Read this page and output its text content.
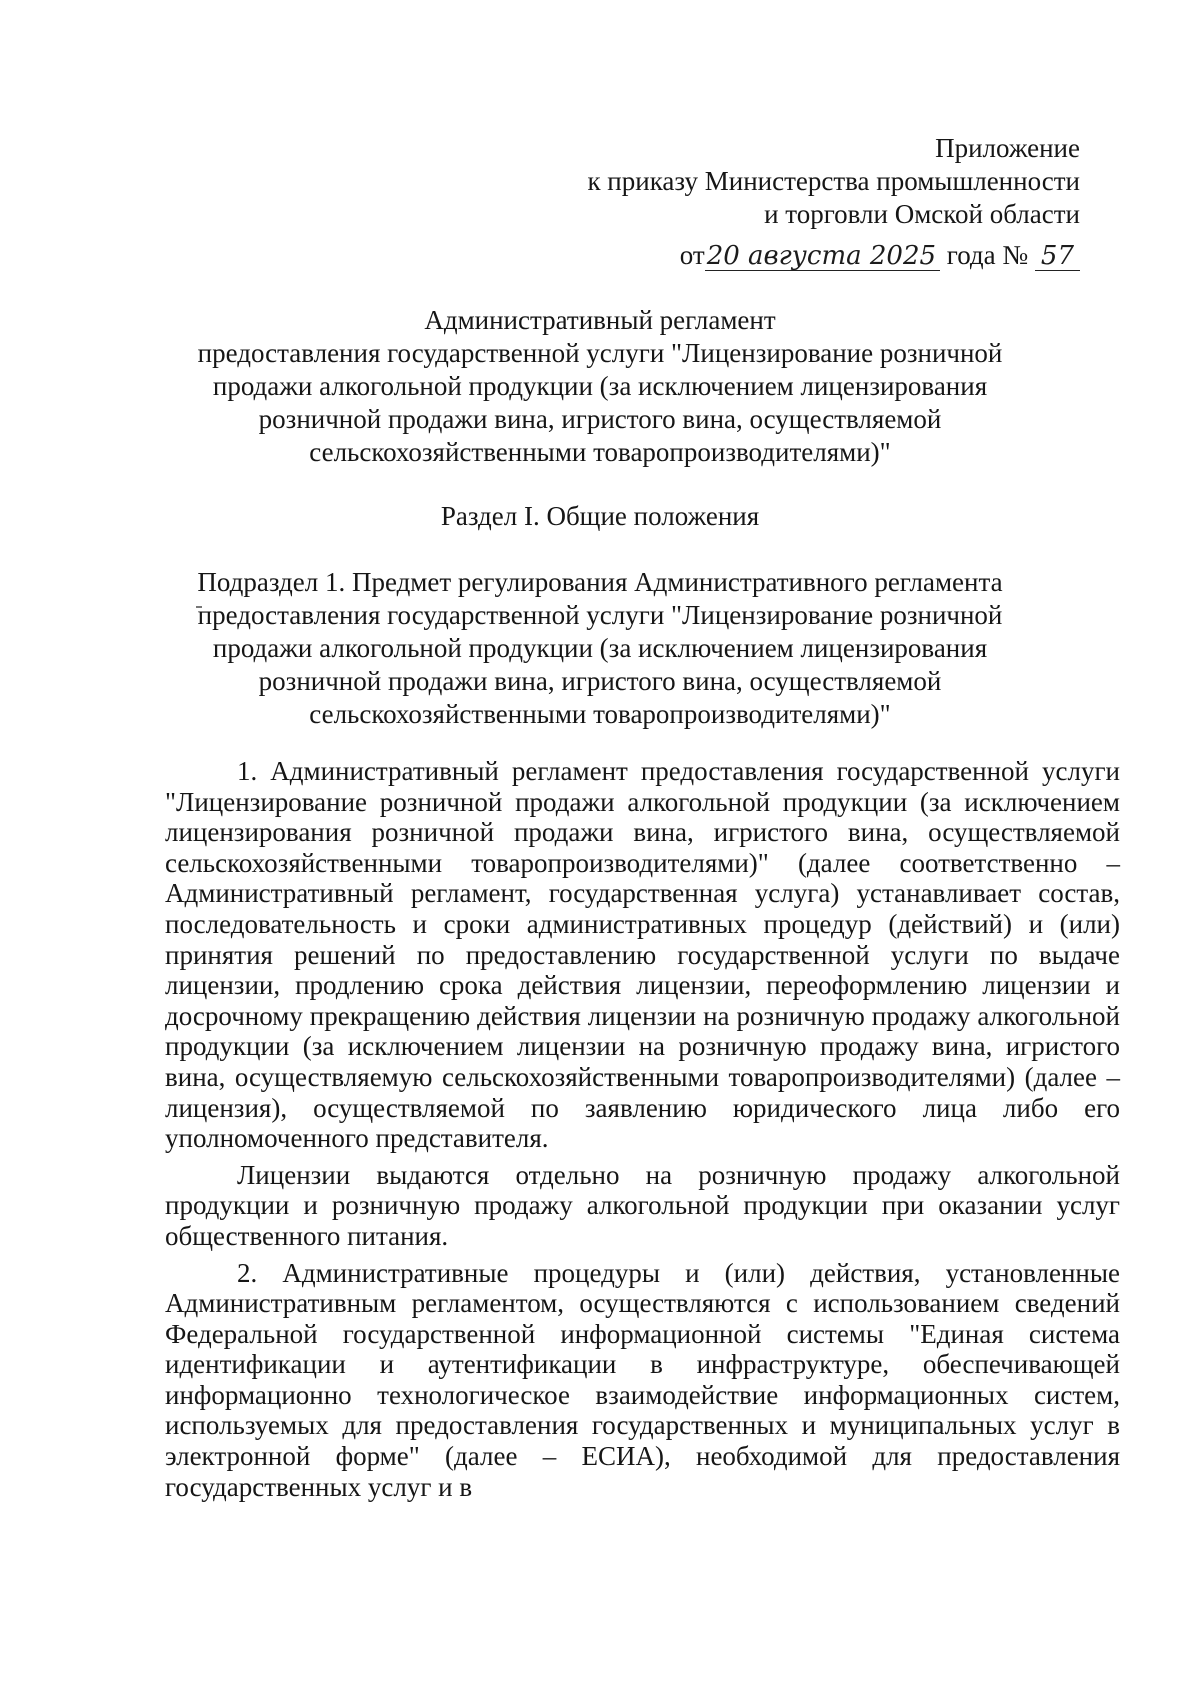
Приложение
к приказу Министерства промышленности
и торговли Омской области
от20 августа 2025 года № 57
Административный регламент
предоставления государственной услуги "Лицензирование розничной
продажи алкогольной продукции (за исключением лицензирования
розничной продажи вина, игристого вина, осуществляемой
сельскохозяйственными товаропроизводителями)"
Раздел I. Общие положения
Подраздел 1. Предмет регулирования Административного регламента
предоставления государственной услуги "Лицензирование розничной
продажи алкогольной продукции (за исключением лицензирования
розничной продажи вина, игристого вина, осуществляемой
сельскохозяйственными товаропроизводителями)"

1. Административный регламент предоставления государственной услуги "Лицензирование розничной продажи алкогольной продукции (за исключением лицензирования розничной продажи вина, игристого вина, осуществляемой сельскохозяйственными товаропроизводителями)" (далее соответственно – Административный регламент, государственная услуга) устанавливает состав, последовательность и сроки административных процедур (действий) и (или) принятия решений по предоставлению государственной услуги по выдаче лицензии, продлению срока действия лицензии, переоформлению лицензии и досрочному прекращению действия лицензии на розничную продажу алкогольной продукции (за исключением лицензии на розничную продажу вина, игристого вина, осуществляемую сельскохозяйственными товаропроизводителями) (далее – лицензия), осуществляемой по заявлению юридического лица либо его уполномоченного представителя.

Лицензии выдаются отдельно на розничную продажу алкогольной продукции и розничную продажу алкогольной продукции при оказании услуг общественного питания.

2. Административные процедуры и (или) действия, установленные Административным регламентом, осуществляются с использованием сведений Федеральной государственной информационной системы "Единая система идентификации и аутентификации в инфраструктуре, обеспечивающей информационно технологическое взаимодействие информационных систем, используемых для предоставления государственных и муниципальных услуг в электронной форме" (далее – ЕСИА), необходимой для предоставления государственных услуг и в
